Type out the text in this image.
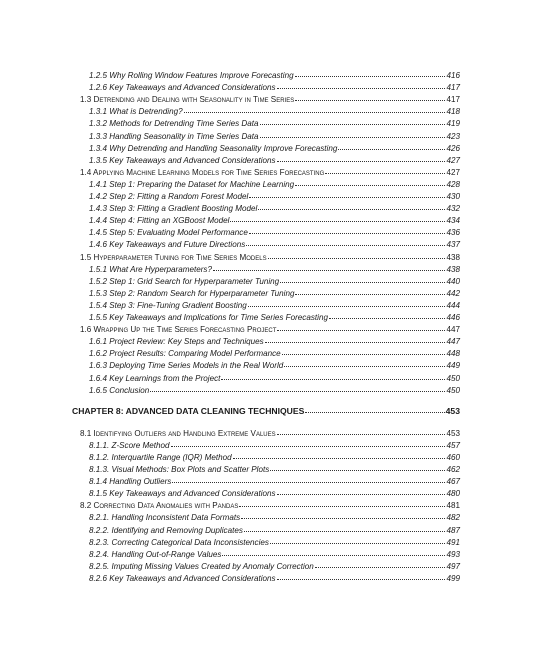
1.2.5 Why Rolling Window Features Improve Forecasting	416
1.2.6 Key Takeaways and Advanced Considerations	417
1.3 Detrending and Dealing with Seasonality in Time Series	417
1.3.1 What is Detrending?	418
1.3.2 Methods for Detrending Time Series Data	419
1.3.3 Handling Seasonality in Time Series Data	423
1.3.4 Why Detrending and Handling Seasonality Improve Forecasting	426
1.3.5 Key Takeaways and Advanced Considerations	427
1.4 Applying Machine Learning Models for Time Series Forecasting	427
1.4.1 Step 1: Preparing the Dataset for Machine Learning	428
1.4.2 Step 2: Fitting a Random Forest Model	430
1.4.3 Step 3: Fitting a Gradient Boosting Model	432
1.4.4 Step 4: Fitting an XGBoost Model	434
1.4.5 Step 5: Evaluating Model Performance	436
1.4.6 Key Takeaways and Future Directions	437
1.5 Hyperparameter Tuning for Time Series Models	438
1.5.1 What Are Hyperparameters?	438
1.5.2 Step 1: Grid Search for Hyperparameter Tuning	440
1.5.3 Step 2: Random Search for Hyperparameter Tuning	442
1.5.4 Step 3: Fine-Tuning Gradient Boosting	444
1.5.5 Key Takeaways and Implications for Time Series Forecasting	446
1.6 Wrapping Up the Time Series Forecasting Project	447
1.6.1 Project Review: Key Steps and Techniques	447
1.6.2 Project Results: Comparing Model Performance	448
1.6.3 Deploying Time Series Models in the Real World	449
1.6.4 Key Learnings from the Project	450
1.6.5 Conclusion	450
CHAPTER 8: ADVANCED DATA CLEANING TECHNIQUES	453
8.1 Identifying Outliers and Handling Extreme Values	453
8.1.1. Z-Score Method	457
8.1.2. Interquartile Range (IQR) Method	460
8.1.3. Visual Methods: Box Plots and Scatter Plots	462
8.1.4 Handling Outliers	467
8.1.5 Key Takeaways and Advanced Considerations	480
8.2 Correcting Data Anomalies with Pandas	481
8.2.1. Handling Inconsistent Data Formats	482
8.2.2. Identifying and Removing Duplicates	487
8.2.3. Correcting Categorical Data Inconsistencies	491
8.2.4. Handling Out-of-Range Values	493
8.2.5. Imputing Missing Values Created by Anomaly Correction	497
8.2.6 Key Takeaways and Advanced Considerations	499
